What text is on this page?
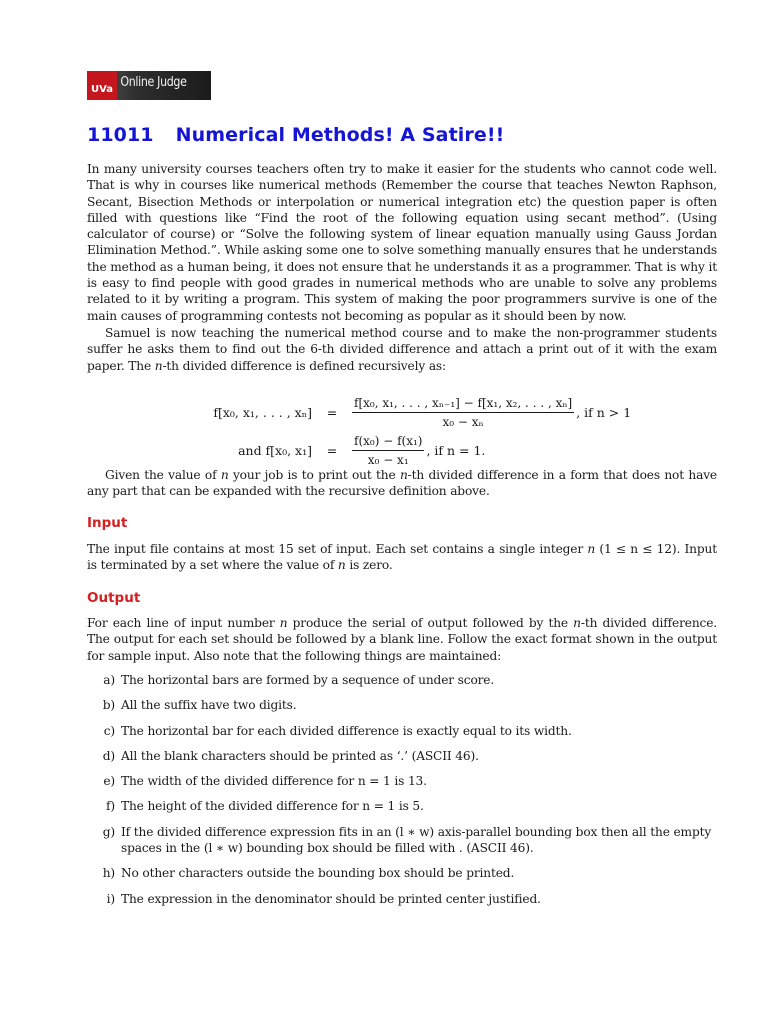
UVa Online Judge
11011 Numerical Methods! A Satire!!

In many university courses teachers often try to make it easier for the students who cannot code well. That is why in courses like numerical methods (Remember the course that teaches Newton Raphson, Secant, Bisection Methods or interpolation or numerical integration etc) the question paper is often filled with questions like “Find the root of the following equation using secant method”. (Using calculator of course) or “Solve the following system of linear equation manually using Gauss Jordan Elimination Method.”. While asking some one to solve something manually ensures that he understands the method as a human being, it does not ensure that he understands it as a programmer. That is why it is easy to find people with good grades in numerical methods who are unable to solve any problems related to it by writing a program. This system of making the poor programmers survive is one of the main causes of programming contests not becoming as popular as it should been by now.

Samuel is now teaching the numerical method course and to make the non-programmer students suffer he asks them to find out the 6-th divided difference and attach a print out of it with the exam paper. The n-th divided difference is defined recursively as:

f[x₀, x₁, . . . , xₙ]	=	$\frac{\text{f[x₀, x₁, . . . , xₙ₋₁] − f[x₁, x₂, . . . , xₙ]}}{\text{x₀ − xₙ}}$ , if n > 1
and f[x₀, x₁]	=	$\frac{\text{f(x₀) − f(x₁)}}{\text{x₀ − x₁}}$ , if n = 1.

Given the value of n your job is to print out the n-th divided difference in a form that does not have any part that can be expanded with the recursive definition above.

Input

The input file contains at most 15 set of input. Each set contains a single integer n (1 ≤ n ≤ 12). Input is terminated by a set where the value of n is zero.

Output

For each line of input number n produce the serial of output followed by the n-th divided difference. The output for each set should be followed by a blank line. Follow the exact format shown in the output for sample input. Also note that the following things are maintained:

a) The horizontal bars are formed by a sequence of under score.
b) All the suffix have two digits.
c) The horizontal bar for each divided difference is exactly equal to its width.
d) All the blank characters should be printed as ‘.’ (ASCII 46).
e) The width of the divided difference for n = 1 is 13.
f) The height of the divided difference for n = 1 is 5.
g) If the divided difference expression fits in an (l ∗ w) axis-parallel bounding box then all the empty spaces in the (l ∗ w) bounding box should be filled with . (ASCII 46).
h) No other characters outside the bounding box should be printed.
i) The expression in the denominator should be printed center justified.
